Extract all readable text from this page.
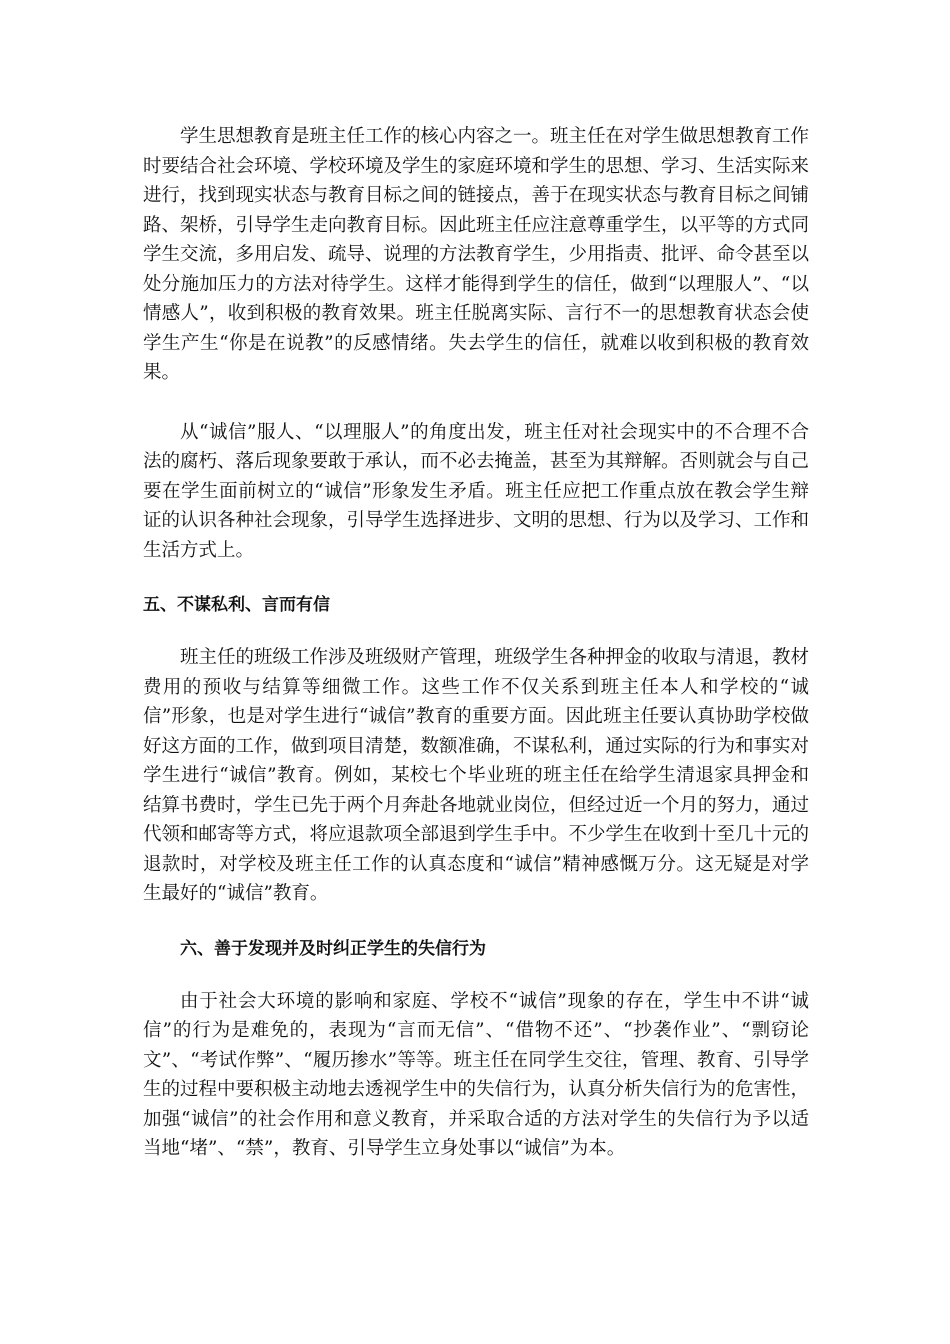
学生思想教育是班主任工作的核心内容之一。班主任在对学生做思想教育工作时要结合社会环境、学校环境及学生的家庭环境和学生的思想、学习、生活实际来进行，找到现实状态与教育目标之间的链接点，善于在现实状态与教育目标之间铺路、架桥，引导学生走向教育目标。因此班主任应注意尊重学生，以平等的方式同学生交流，多用启发、疏导、说理的方法教育学生，少用指责、批评、命令甚至以处分施加压力的方法对待学生。这样才能得到学生的信任，做到“以理服人”、“以情感人”，收到积极的教育效果。班主任脱离实际、言行不一的思想教育状态会使学生产生“你是在说教”的反感情绪。失去学生的信任，就难以收到积极的教育效果。

从“诚信”服人、“以理服人”的角度出发，班主任对社会现实中的不合理不合法的腐朽、落后现象要敢于承认，而不必去掩盖，甚至为其辩解。否则就会与自己要在学生面前树立的“诚信”形象发生矛盾。班主任应把工作重点放在教会学生辩证的认识各种社会现象，引导学生选择进步、文明的思想、行为以及学习、工作和生活方式上。

五、不谋私利、言而有信

班主任的班级工作涉及班级财产管理，班级学生各种押金的收取与清退，教材费用的预收与结算等细微工作。这些工作不仅关系到班主任本人和学校的“诚信”形象，也是对学生进行“诚信”教育的重要方面。因此班主任要认真协助学校做好这方面的工作，做到项目清楚，数额准确，不谋私利，通过实际的行为和事实对学生进行“诚信”教育。例如，某校七个毕业班的班主任在给学生清退家具押金和结算书费时，学生已先于两个月奔赴各地就业岗位，但经过近一个月的努力，通过代领和邮寄等方式，将应退款项全部退到学生手中。不少学生在收到十至几十元的退款时，对学校及班主任工作的认真态度和“诚信”精神感慨万分。这无疑是对学生最好的“诚信”教育。

六、善于发现并及时纠正学生的失信行为

由于社会大环境的影响和家庭、学校不“诚信”现象的存在，学生中不讲“诚信”的行为是难免的，表现为“言而无信”、“借物不还”、“抄袭作业”、“剽窃论文”、“考试作弊”、“履历掺水”等等。班主任在同学生交往，管理、教育、引导学生的过程中要积极主动地去透视学生中的失信行为，认真分析失信行为的危害性，加强“诚信”的社会作用和意义教育，并采取合适的方法对学生的失信行为予以适当地“堵”、“禁”，教育、引导学生立身处事以“诚信”为本。
